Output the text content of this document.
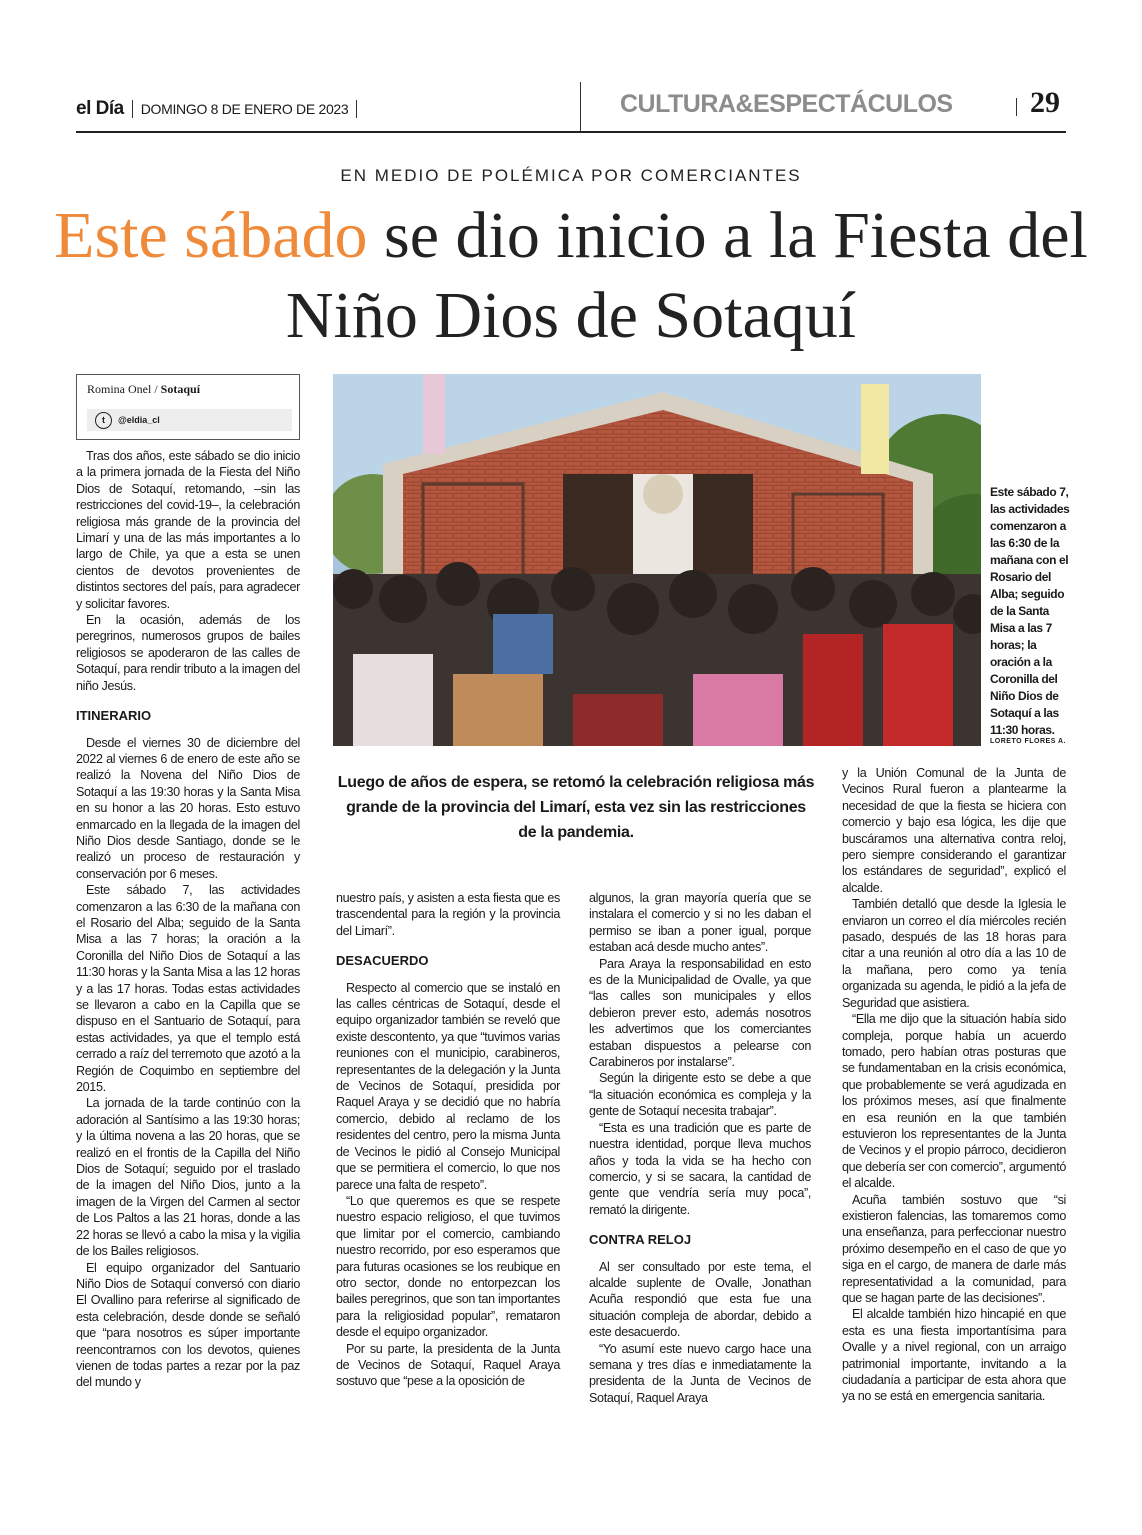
el Día DOMINGO 8 DE ENERO DE 2023	CULTURA&ESPECTÁCULOS	29
EN MEDIO DE POLÉMICA POR COMERCIANTES
Este sábado se dio inicio a la Fiesta del Niño Dios de Sotaquí
Romina Onel / Sotaquí
t	@eldia_cl
Este sábado 7, las actividades comenzaron a las 6:30 de la mañana con el Rosario del Alba; seguido de la Santa Misa a las 7 horas; la oración a la Coronilla del Niño Dios de Sotaquí a las 11:30 horas.
LORETO FLORES A.
Luego de años de espera, se retomó la celebración religiosa más grande de la provincia del Limarí, esta vez sin las restricciones de la pandemia.

Tras dos años, este sábado se dio inicio a la primera jornada de la Fiesta del Niño Dios de Sotaquí, retomando, –sin las restricciones del covid-19–, la celebración religiosa más grande de la provincia del Limarí y una de las más importantes a lo largo de Chile, ya que a esta se unen cientos de devotos provenientes de distintos sectores del país, para agradecer y solicitar favores.

En la ocasión, además de los peregrinos, numerosos grupos de bailes religiosos se apoderaron de las calles de Sotaquí, para rendir tributo a la imagen del niño Jesús.

ITINERARIO

Desde el viernes 30 de diciembre del 2022 al viernes 6 de enero de este año se realizó la Novena del Niño Dios de Sotaquí a las 19:30 horas y la Santa Misa en su honor a las 20 horas. Esto estuvo enmarcado en la llegada de la imagen del Niño Dios desde Santiago, donde se le realizó un proceso de restauración y conservación por 6 meses.

Este sábado 7, las actividades comenzaron a las 6:30 de la mañana con el Rosario del Alba; seguido de la Santa Misa a las 7 horas; la oración a la Coronilla del Niño Dios de Sotaquí a las 11:30 horas y la Santa Misa a las 12 horas y a las 17 horas. Todas estas actividades se llevaron a cabo en la Capilla que se dispuso en el Santuario de Sotaquí, para estas actividades, ya que el templo está cerrado a raíz del terremoto que azotó a la Región de Coquimbo en septiembre del 2015.

La jornada de la tarde continúo con la adoración al Santísimo a las 19:30 horas; y la última novena a las 20 horas, que se realizó en el frontis de la Capilla del Niño Dios de Sotaquí; seguido por el traslado de la imagen del Niño Dios, junto a la imagen de la Virgen del Carmen al sector de Los Paltos a las 21 horas, donde a las 22 horas se llevó a cabo la misa y la vigilia de los Bailes religiosos.

El equipo organizador del Santuario Niño Dios de Sotaquí conversó con diario El Ovallino para referirse al significado de esta celebración, desde donde se señaló que “para nosotros es súper importante reencontrarnos con los devotos, quienes vienen de todas partes a rezar por la paz del mundo y

nuestro país, y asisten a esta fiesta que es trascendental para la región y la provincia del Limarí”.

DESACUERDO

Respecto al comercio que se instaló en las calles céntricas de Sotaquí, desde el equipo organizador también se reveló que existe descontento, ya que “tuvimos varias reuniones con el municipio, carabineros, representantes de la delegación y la Junta de Vecinos de Sotaquí, presidida por Raquel Araya y se decidió que no habría comercio, debido al reclamo de los residentes del centro, pero la misma Junta de Vecinos le pidió al Consejo Municipal que se permitiera el comercio, lo que nos parece una falta de respeto”.

“Lo que queremos es que se respete nuestro espacio religioso, el que tuvimos que limitar por el comercio, cambiando nuestro recorrido, por eso esperamos que para futuras ocasiones se los reubique en otro sector, donde no entorpezcan los bailes peregrinos, que son tan importantes para la religiosidad popular”, remataron desde el equipo organizador.

Por su parte, la presidenta de la Junta de Vecinos de Sotaquí, Raquel Araya sostuvo que “pese a la oposición de

algunos, la gran mayoría quería que se instalara el comercio y si no les daban el permiso se iban a poner igual, porque estaban acá desde mucho antes”.

Para Araya la responsabilidad en esto es de la Municipalidad de Ovalle, ya que “las calles son municipales y ellos debieron prever esto, además nosotros les advertimos que los comerciantes estaban dispuestos a pelearse con Carabineros por instalarse”.

Según la dirigente esto se debe a que “la situación económica es compleja y la gente de Sotaquí necesita trabajar”.

“Esta es una tradición que es parte de nuestra identidad, porque lleva muchos años y toda la vida se ha hecho con comercio, y si se sacara, la cantidad de gente que vendría sería muy poca”, remató la dirigente.

CONTRA RELOJ

Al ser consultado por este tema, el alcalde suplente de Ovalle, Jonathan Acuña respondió que esta fue una situación compleja de abordar, debido a este desacuerdo.

“Yo asumí este nuevo cargo hace una semana y tres días e inmediatamente la presidenta de la Junta de Vecinos de Sotaquí, Raquel Araya

y la Unión Comunal de la Junta de Vecinos Rural fueron a plantearme la necesidad de que la fiesta se hiciera con comercio y bajo esa lógica, les dije que buscáramos una alternativa contra reloj, pero siempre considerando el garantizar los estándares de seguridad”, explicó el alcalde.

También detalló que desde la Iglesia le enviaron un correo el día miércoles recién pasado, después de las 18 horas para citar a una reunión al otro día a las 10 de la mañana, pero como ya tenía organizada su agenda, le pidió a la jefa de Seguridad que asistiera.

“Ella me dijo que la situación había sido compleja, porque había un acuerdo tomado, pero habían otras posturas que se fundamentaban en la crisis económica, que probablemente se verá agudizada en los próximos meses, así que finalmente en esa reunión en la que también estuvieron los representantes de la Junta de Vecinos y el propio párroco, decidieron que debería ser con comercio”, argumentó el alcalde.

Acuña también sostuvo que “si existieron falencias, las tomaremos como una enseñanza, para perfeccionar nuestro próximo desempeño en el caso de que yo siga en el cargo, de manera de darle más representatividad a la comunidad, para que se hagan parte de las decisiones”.

El alcalde también hizo hincapié en que esta es una fiesta importantísima para Ovalle y a nivel regional, con un arraigo patrimonial importante, invitando a la ciudadanía a participar de esta ahora que ya no se está en emergencia sanitaria.
